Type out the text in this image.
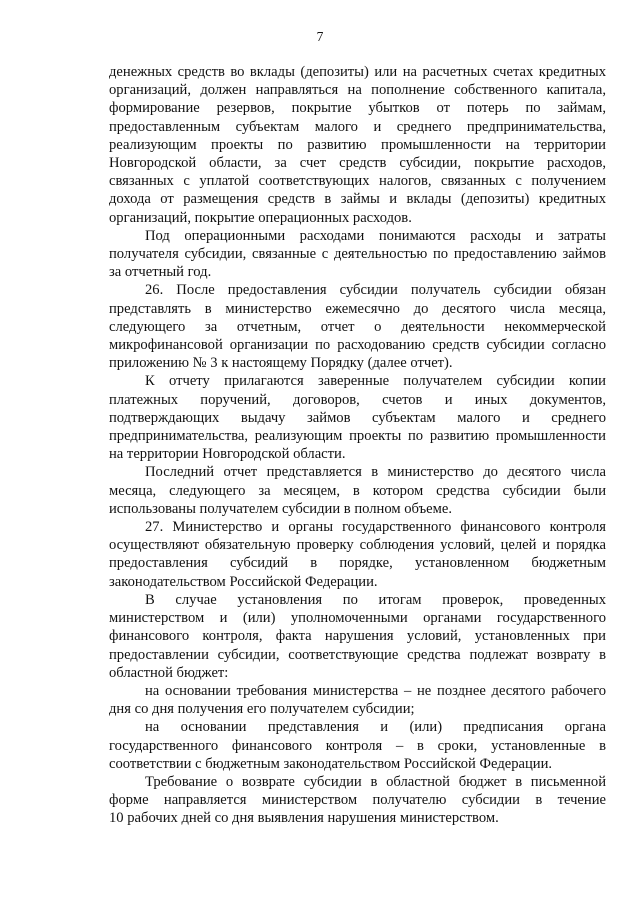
7

денежных средств во вклады (депозиты) или на расчетных счетах кредитных
организаций, должен направляться на пополнение собственного капитала,
формирование резервов, покрытие убытков от потерь по займам,
предоставленным субъектам малого и среднего предпринимательства,
реализующим проекты по развитию промышленности на территории
Новгородской области, за счет средств субсидии, покрытие расходов,
связанных с уплатой соответствующих налогов, связанных с получением
дохода от размещения средств в займы и вклады (депозиты) кредитных
организаций, покрытие операционных расходов.

Под операционными расходами понимаются расходы и затраты
получателя субсидии, связанные с деятельностью по предоставлению займов
за отчетный год.

26. После предоставления субсидии получатель субсидии обязан
представлять в министерство ежемесячно до десятого числа месяца,
следующего за отчетным, отчет о деятельности некоммерческой
микрофинансовой организации по расходованию средств субсидии согласно
приложению № 3 к настоящему Порядку (далее отчет).

К отчету прилагаются заверенные получателем субсидии копии
платежных поручений, договоров, счетов и иных документов,
подтверждающих выдачу займов субъектам малого и среднего
предпринимательства, реализующим проекты по развитию промышленности
на территории Новгородской области.

Последний отчет представляется в министерство до десятого числа
месяца, следующего за месяцем, в котором средства субсидии были
использованы получателем субсидии в полном объеме.

27. Министерство и органы государственного финансового контроля
осуществляют обязательную проверку соблюдения условий, целей и порядка
предоставления субсидий в порядке, установленном бюджетным
законодательством Российской Федерации.

В случае установления по итогам проверок, проведенных
министерством и (или) уполномоченными органами государственного
финансового контроля, факта нарушения условий, установленных при
предоставлении субсидии, соответствующие средства подлежат возврату в
областной бюджет:

на основании требования министерства – не позднее десятого рабочего
дня со дня получения его получателем субсидии;

на основании представления и (или) предписания органа
государственного финансового контроля – в сроки, установленные в
соответствии с бюджетным законодательством Российской Федерации.

Требование о возврате субсидии в областной бюджет в письменной
форме направляется министерством получателю субсидии в течение
10 рабочих дней со дня выявления нарушения министерством.
